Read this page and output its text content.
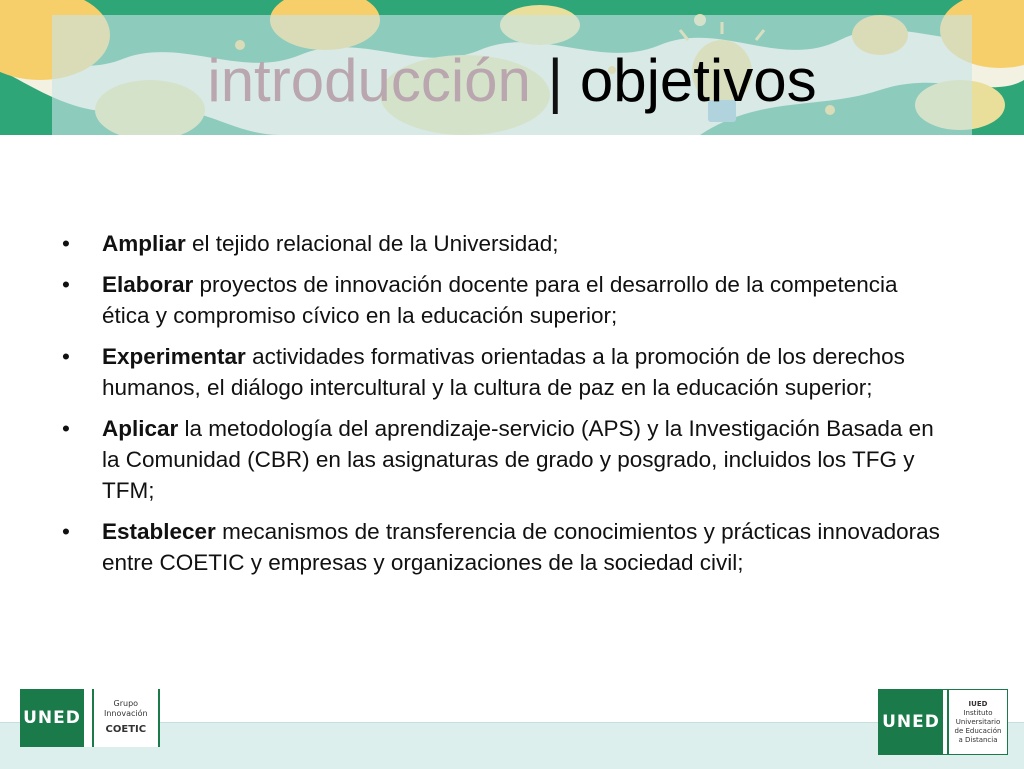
introducción | objetivos
•	Ampliar el tejido relacional de la Universidad;
•	Elaborar proyectos de innovación docente para el desarrollo de la competencia ética y compromiso cívico en la educación superior;
•	Experimentar actividades formativas orientadas a la promoción de los derechos humanos, el diálogo intercultural y la cultura de paz en la educación superior;
•	Aplicar la metodología del aprendizaje-servicio (APS) y la Investigación Basada en la Comunidad (CBR) en las asignaturas de grado y posgrado, incluidos los TFG y TFM;
•	Establecer mecanismos de transferencia de conocimientos y prácticas innovadoras entre COETIC y empresas y organizaciones de la sociedad civil;
UNED
Grupo
Innovación
COETIC	UNED
IUED
Instituto
Universitario
de Educación
a Distancia
